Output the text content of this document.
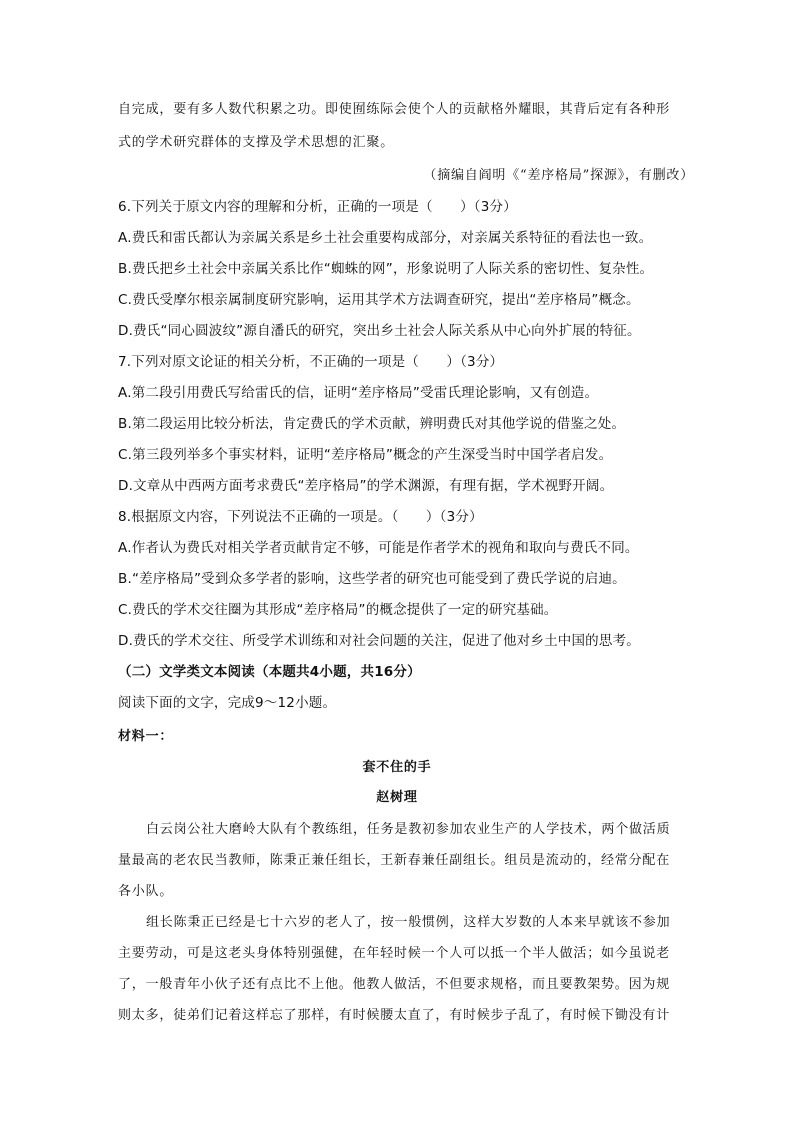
自完成，要有多人数代积累之功。即使囿练际会使个人的贡献格外耀眼，其背后定有各种形
式的学术研究群体的支撑及学术思想的汇聚。
（摘编自阎明《“差序格局”探源》，有删改）
6.下列关于原文内容的理解和分析，正确的一项是（　　）（3分）
A.费氏和雷氏都认为亲属关系是乡土社会重要构成部分，对亲属关系特征的看法也一致。
B.费氏把乡土社会中亲属关系比作“蜘蛛的网”，形象说明了人际关系的密切性、复杂性。
C.费氏受摩尔根亲属制度研究影响，运用其学术方法调查研究，提出“差序格局”概念。
D.费氏“同心圆波纹”源自潘氏的研究，突出乡土社会人际关系从中心向外扩展的特征。
7.下列对原文论证的相关分析，不正确的一项是（　　）（3分）
A.第二段引用费氏写给雷氏的信，证明“差序格局”受雷氏理论影响，又有创造。
B.第二段运用比较分析法，肯定费氏的学术贡献，辨明费氏对其他学说的借鉴之处。
C.第三段列举多个事实材料，证明“差序格局”概念的产生深受当时中国学者启发。
D.文章从中西两方面考求费氏“差序格局”的学术渊源，有理有据，学术视野开阔。
8.根据原文内容，下列说法不正确的一项是。（　　）（3分）
A.作者认为费氏对相关学者贡献肯定不够，可能是作者学术的视角和取向与费氏不同。
B.“差序格局”受到众多学者的影响，这些学者的研究也可能受到了费氏学说的启迪。
C.费氏的学术交往圈为其形成“差序格局”的概念提供了一定的研究基础。
D.费氏的学术交往、所受学术训练和对社会问题的关注，促进了他对乡土中国的思考。
（二）文学类文本阅读（本题共4小题，共16分）
阅读下面的文字，完成9～12小题。
材料一：
套不住的手
赵树理
白云岗公社大磨岭大队有个教练组，任务是教初参加农业生产的人学技术，两个做活质
量最高的老农民当教师，陈秉正兼任组长，王新春兼任副组长。组员是流动的，经常分配在
各小队。
组长陈秉正已经是七十六岁的老人了，按一般惯例，这样大岁数的人本来早就该不参加
主要劳动，可是这老头身体特别强健，在年轻时候一个人可以抵一个半人做活；如今虽说老
了，一般青年小伙子还有点比不上他。他教人做活，不但要求规格，而且要教架势。因为规
则太多，徒弟们记着这样忘了那样，有时候腰太直了，有时候步子乱了，有时候下锄没有计
